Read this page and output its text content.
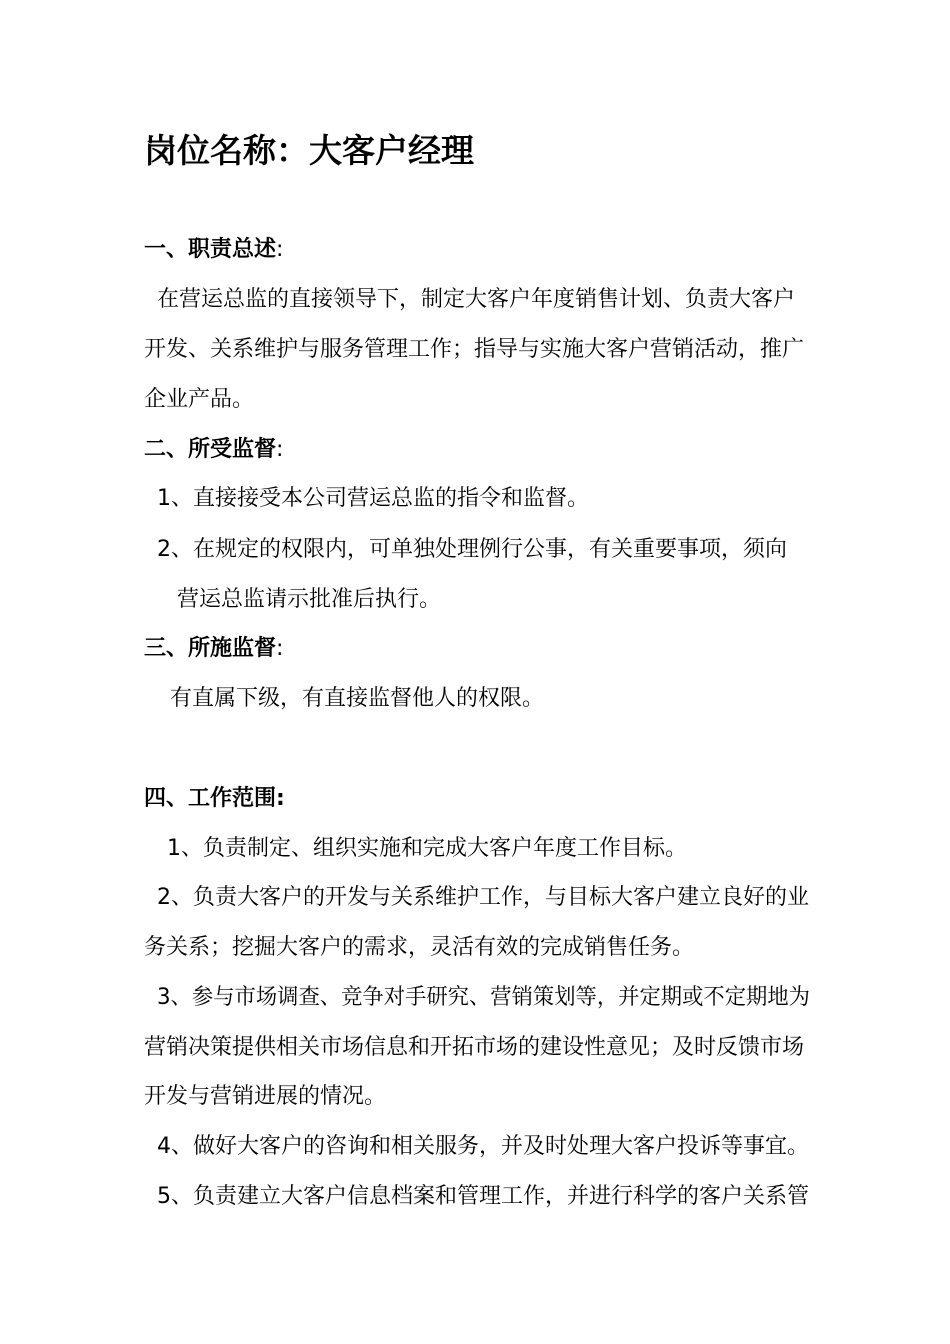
岗位名称：大客户经理
一、职责总述:
在营运总监的直接领导下，制定大客户年度销售计划、负责大客户
开发、关系维护与服务管理工作；指导与实施大客户营销活动，推广
企业产品。
二、所受监督:
1、直接接受本公司营运总监的指令和监督。
2、在规定的权限内，可单独处理例行公事，有关重要事项，须向
营运总监请示批准后执行。
三、所施监督:
有直属下级，有直接监督他人的权限。
四、工作范围:
1、负责制定、组织实施和完成大客户年度工作目标。
2、负责大客户的开发与关系维护工作，与目标大客户建立良好的业
务关系；挖掘大客户的需求，灵活有效的完成销售任务。
3、参与市场调查、竞争对手研究、营销策划等，并定期或不定期地为
营销决策提供相关市场信息和开拓市场的建设性意见；及时反馈市场
开发与营销进展的情况。
4、做好大客户的咨询和相关服务，并及时处理大客户投诉等事宜。
5、负责建立大客户信息档案和管理工作，并进行科学的客户关系管
